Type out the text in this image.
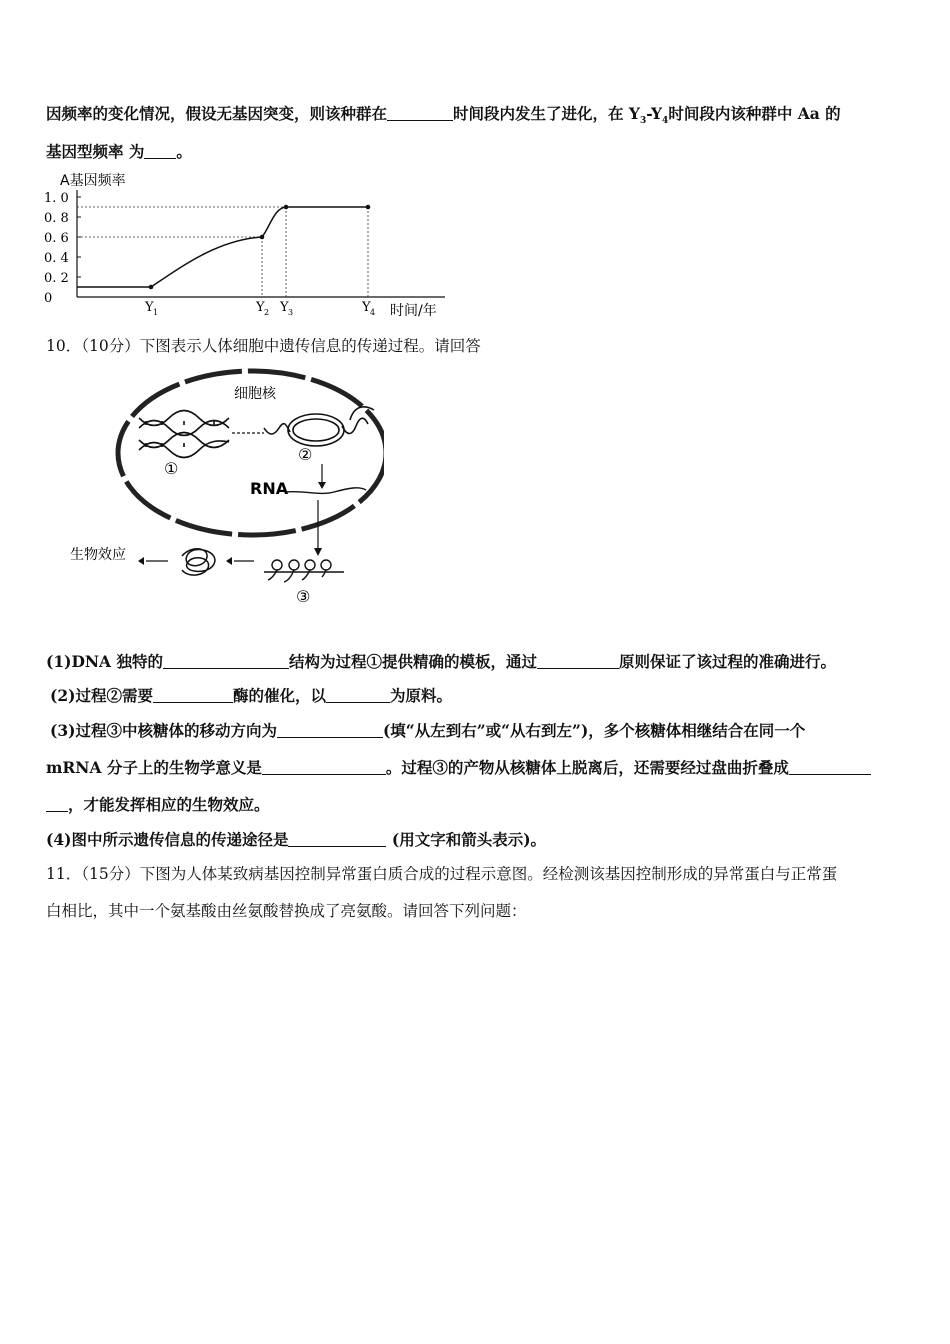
因频率的变化情况，假设无基因突变，则该种群在	时间段内发生了进化，在 $Y_3-Y_4$时间段内该种群中 Aa 的
基因型频率 为 。
A基因频率
1. 0
0. 8
0. 6
0. 4
0. 2
0
Y 1	Y 2 Y 3	Y 4 时间/年
10．（10分）下图表示人体细胞中遗传信息的传递过程。请回答
细胞核
①
②
RNA
③
生物效应
(1)DNA 独特的	结构为过程①提供精确的模板，通过	原则保证了该过程的准确进行。
(2)过程②需要	酶的催化，以	为原料。
(3)过程③中核糖体的移动方向为	(填“从左到右”或“从右到左”)，多个核糖体相继结合在同一个
mRNA 分子上的生物学意义是	。过程③的产物从核糖体上脱离后，还需要经过盘曲折叠成
，才能发挥相应的生物效应。
(4)图中所示遗传信息的传递途径是	(用文字和箭头表示)。
11．（15分）下图为人体某致病基因控制异常蛋白质合成的过程示意图。经检测该基因控制形成的异常蛋白与正常蛋
白相比，其中一个氨基酸由丝氨酸替换成了亮氨酸。请回答下列问题：
